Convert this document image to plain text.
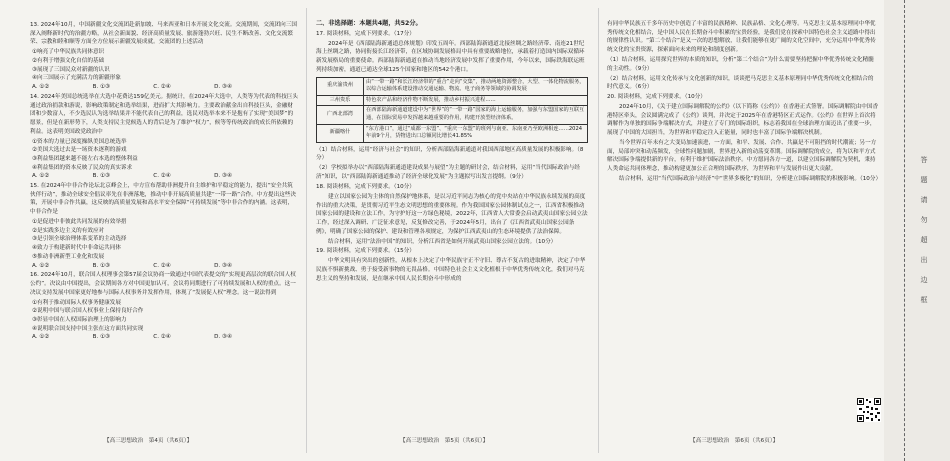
13. 2024年10月，中国新疆文化交流团赴新加坡、马来西亚和日本开展文化交流。交流期间，交流团向三国深入阐释新时代的治疆方略，从社会新面貌、经济高质量发展、旅游蓬勃兴旺、民生不断改善、文化交流繁荣、宗教和睦和顺等方面全方位展示新疆发展成就。交流团的上述活动

①响亮了中华民族共同体意识
②有利于增强文化自信的基础
③展现了三国民众对新疆的认识
④向三国展示了充满活力的新疆形象
A. ①②	B. ①③	C. ②④	D. ③④

14. 2024年美国总统选举在大选中花费达159亿美元。据统计，在2024年大选中，人类等为代表的科技巨头通过政治捐款和游说，影响政策制定和选举结果，进而扩大其影响力。主要政治献金出自科技巨头，金融财团和少数富人，不少选民认为选举结果并不能代表自己的利益，选民对选举本来不是抱有了实现“美国梦”的愿景，但是在新形势下，人类支持民主党候选人的背后是为了维护“权力”，候等等传统政治的成长所依赖的利益。这表明美国政党政治中

①资本的力量已深度操纵美国总统选举
②美国大选过去是一场资本逐利的游戏
③利益集团越来越不能左右本选的整体利益
④利益集团的资本反映了民众的真实诉求
A. ①②	B. ①③	C. ②④	D. ③④

15. 在2024年中非合作论坛北京峰会上，中方宣布帮助非洲提升自主维护和平稳定的能力，提出“安全共筑伙伴行动”，推动全球安全倡议率先在非洲落地，推动中非开展高质量共建“一带一路”合作。中方提出这些决策，开展中非合作共赢，这反映的高质量发展和高水平安全保障“可持续发展”等中非合作的内涵。这表明，中非合作是

①是促进中非彼此共同发展的有效举措
②是实践多边主义的有效应对
③是引领全球治理体系变革的主动选择
④致力于构建新时代中非命运共同体
⑤推动非洲新型工业化和发展
A. ①②	B. ①③	C. ②④	D. ③④

16. 2024年10月，联合国人权理事会第57届会议协商一致通过中国代表提交的“实现更高层次的联合国人权公约”。决议由中国提出，会议期间各方对中国更加认可，会议将同期进行了可持续发展和人权的重点。这一决议支持发展中国家更好地参与国际人权事务并发挥作用，体现了“发展促人权”理念。这一说法得到

①有利于推动国际人权事务健康发展
②说明中国与联合国人权事业上保持良好合作
③彰显中国在人权国际治理上的影响力
④说明联合国支持中国主张在这方面共同实现
A. ①②	B. ①③	C. ②④	D. ③④
【高三思想政治　第4页（共6页）】

二、非选择题：本题共4题，共52分。

17. 阅读材料，完成下列要求。（17分）

2024年是《西部陆海新通道总体规划》印发五周年。西部陆海新通道北接丝绸之路经济带、南连21世纪海上丝绸之路，协同衔接长江经济带，在区域协调发展格局中具有重要战略地位，承载着打造国内国际双循环新发展格局的重要使命。西部陆海新通道在推动当地经济发展中发挥了重要作用，今年以来，国际铁海联运班列持续加密，通道已通达全球125个国家和地区的542个港口。

重庆渝贵州	由“一带一路”和长江经济带的“重合”走向“交集”，推动两地资源整合，大型、一体化物流服务，以综合运输体系建设推动交通运输、物流、电子商务等领域的协调发展
三州贵乐	特色农产品和经济作物不断发展，推动乡村振兴进程……
广西北部湾	在西部陆海新通道建设中为“世界”的“一带一路”国家的海上运输服务，加强与东盟国家的互联互通，在国际贸易中发挥越来越重要的作用，构建开放型经济体系。
新疆喀什	“东方港口”，通过“成都一东盟”、“重庆一东盟”的班列与南亚、东南亚乃至欧洲相连……2024年前9个月，货物进出口总额同比增长41.85%

（1）结合材料，运用“经济与社会”的知识，分析西部陆海新通道对我国西部地区高质量发展的积极影响。（8分）

（2）学校拟举办以“西部陆海新通道建设成果与展望”为主题的研讨会，结合材料，运用“当代国际政治与经济”知识，以“西部陆海新通道推动了经济全球化发展”为主题拟写出发言提纲。（9分）

18. 阅读材料，完成下列要求。（10分）

建立以国家公园为主体的自然保护地体系，是以习近平同志为核心的党中央站在中华民族永续发展的高度作出的重大决策，是贯彻习近平生态文明思想的重要体现。作为我国国家公园体制试点之一，江西省积极推动国家公园的建设和立法工作，为守护好这一方绿色秘境，2022年，江西省人大常委会启动武夷山国家公园立法工作，经过深入调研、广泛征求意见，反复修改完善，于2024年5月，出台了《江西省武夷山国家公园条例》，明确了国家公园的保护、建设和管理各项规定，为保护江西武夷山的生态环境提供了法治保障。

结合材料，运用“法治中国”的知识，分析江西省是如何开展武夷山国家公园立法的。（10分）

19. 阅读材料，完成下列要求。（15分）

中华文明具有突出的创新性，从根本上决定了中华民族守正不守旧、尊古不复古的进取精神，决定了中华民族不惧新挑战、勇于接受新事物的无畏品格。中国特色社会主义文化植根于中华优秀传统文化，我们对马克思主义的坚持和发展，是在继承中国人民长期奋斗中形成的

【高三思想政治　第5页（共6页）】

有同中华民族五千多年历史中创造了丰富的民族精神、民族品格、文化心理等。马克思主义基本原理同中华优秀传统文化相结合，是中国人民在长期奋斗中积累的宝贵经验，是我们党在探索中国特色社会主义道路中得出的规律性认识。“第二个结合”是又一次的思想解放，让我们能够在更广阔的文化空间中，充分运用中华优秀传统文化的宝贵资源，探索面向未来的理论和制度创新。

（1）结合材料，运用探究世界的本质的知识，分析“第二个结合”为什么需要坚持把握中华优秀传统文化精髓的主动性。（9分）

（2）结合材料，运用文化传承与文化创新的知识，谈谈把马克思主义基本原理同中华优秀传统文化相结合的时代意义。（6分）

20. 阅读材料，完成下列要求。（10分）

2024年10月，《关于建立国际调解院的公约》（以下简称《公约》）在香港正式签署。国际调解院由中国香港特区牵头，会议圆满完成了《公约》谈判，并决定于2025年在香港特区正式运作。《公约》在世界上首次将调解作为单独的国际争端解决方式，并建立了专门的国际组织，标志着我国在全球治理方面迈出了重要一步，展现了中国的大国担当，为世界和平稳定注入正能量，同时也丰富了国际争端解决机制。

当今世界百年未有之大变局加速演进，一方面，和平、发展、合作、共赢是不可阻挡的时代潮流；另一方面，局部冲突和动荡频发，全球性问题加剧，世界进入新的动荡变革期。国际调解院的成立，将为以和平方式解决国际争端提供新的平台，有利于维护国际法治秩序。中方愿同各方一道，以建立国际调解院为契机，秉持人类命运共同体理念，推动构建更加公正合理的国际秩序，为世界和平与发展作出更大贡献。

结合材料，运用“当代国际政治与经济”中“世界多极化”的知识，分析建立国际调解院的积极影响。（10分）

【高三思想政治　第6页（共6页）】
答 题 请 勿 超 出 边 框
